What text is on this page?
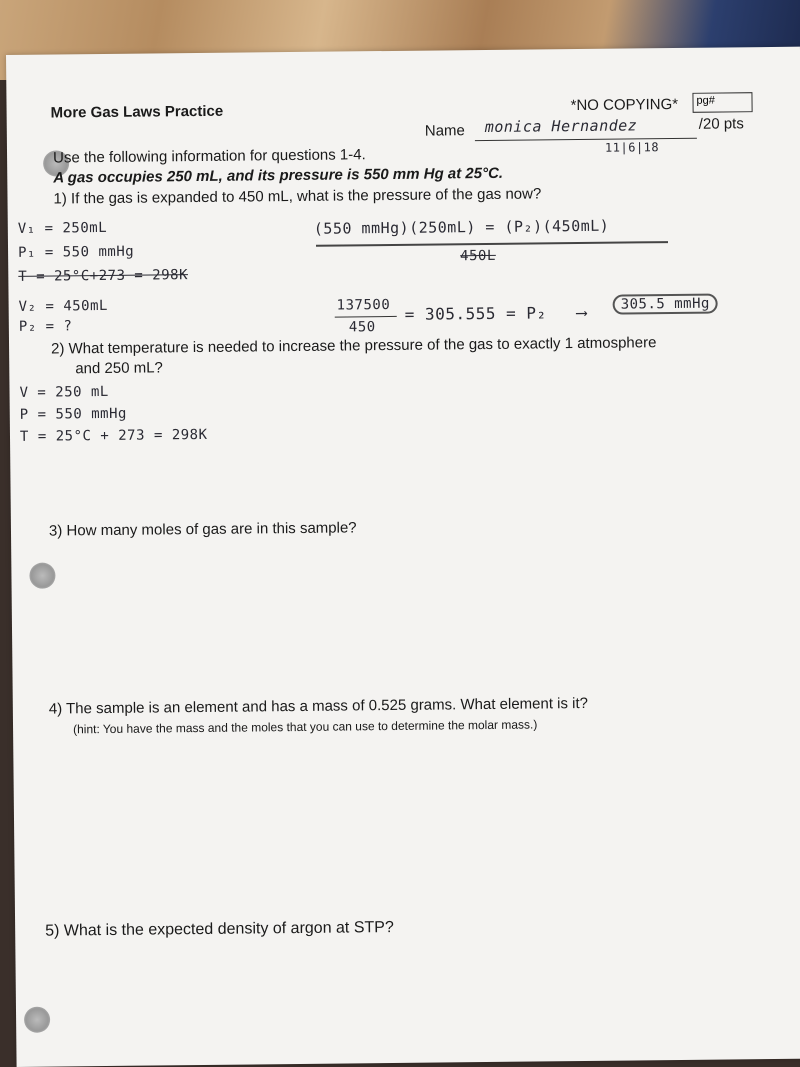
More Gas Laws Practice	*NO COPYING*	pg#
Name monica Hernandez	/20 pts
11|6|18
Use the following information for questions 1-4.
A gas occupies 250 mL, and its pressure is 550 mm Hg at 25°C.
1) If the gas is expanded to 450 mL, what is the pressure of the gas now?
V₁ = 250mL
P₁ = 550 mmHg
T = 25°C+273 = 298K
V₂ = 450mL
P₂ = ?
(550 mmHg)(250mL) = (P₂)(450mL)
450L
137500
450
= 305.555 = P₂ ⟶	305.5 mmHg
2) What temperature is needed to increase the pressure of the gas to exactly 1 atmosphere
and 250 mL?
V = 250 mL
P = 550 mmHg
T = 25°C + 273 = 298K
3) How many moles of gas are in this sample?
4) The sample is an element and has a mass of 0.525 grams. What element is it?
(hint: You have the mass and the moles that you can use to determine the molar mass.)
5) What is the expected density of argon at STP?
